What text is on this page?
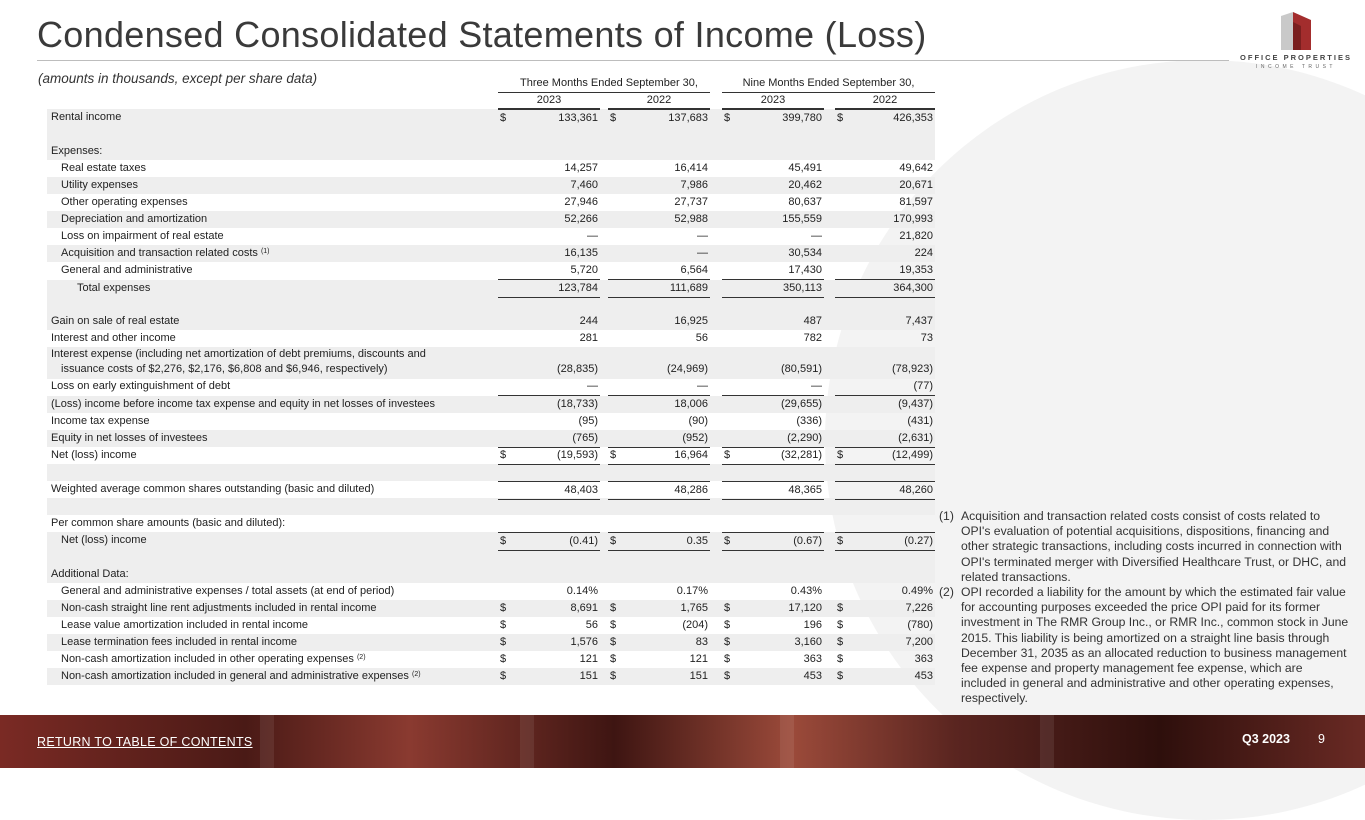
Condensed Consolidated Statements of Income (Loss)
OFFICE PROPERTIES
INCOME TRUST
(amounts in thousands, except per share data)	Three Months Ended September 30,	Nine Months Ended September 30,
2023	2022	2023	2022
Rental income	$	133,361 $	137,683 $	399,780 $	426,353
Expenses:
Real estate taxes	14,257	16,414	45,491	49,642
Utility expenses	7,460	7,986	20,462	20,671
Other operating expenses	27,946	27,737	80,637	81,597
Depreciation and amortization	52,266	52,988	155,559	170,993
Loss on impairment of real estate	—	—	—	21,820
Acquisition and transaction related costs $^{(1)}$	16,135	—	30,534	224
General and administrative	5,720	6,564	17,430	19,353
Total expenses	123,784	111,689	350,113	364,300
Gain on sale of real estate	244	16,925	487	7,437
Interest and other income	281	56	782	73
Interest expense (including net amortization of debt premiums, discounts and
issuance costs of $2,276, $2,176, $6,808 and $6,946, respectively)	(28,835)	(24,969)	(80,591)	(78,923)
Loss on early extinguishment of debt	—	—	—	(77)
(Loss) income before income tax expense and equity in net losses of investees	(18,733)	18,006	(29,655)	(9,437)
Income tax expense	(95)	(90)	(336)	(431)
Equity in net losses of investees	(765)	(952)	(2,290)	(2,631)
Net (loss) income	$	(19,593) $	16,964 $	(32,281) $	(12,499)
Weighted average common shares outstanding (basic and diluted)	48,403	48,286	48,365	48,260
Per common share amounts (basic and diluted):
Net (loss) income	$	(0.41) $	0.35 $	(0.67) $	(0.27)
Additional Data:
General and administrative expenses / total assets (at end of period)	0.14%	0.17%	0.43%	0.49%
Non-cash straight line rent adjustments included in rental income	$	8,691 $	1,765 $	17,120 $	7,226
Lease value amortization included in rental income	$	56 $	(204) $	196 $	(780)
Lease termination fees included in rental income	$	1,576 $	83 $	3,160 $	7,200
Non-cash amortization included in other operating expenses $^{(2)}$	$	121 $	121 $	363 $	363
Non-cash amortization included in general and administrative expenses $^{(2)}$	$	151 $	151 $	453 $	453
(1) Acquisition and transaction related costs consist of costs related to OPI's evaluation of potential acquisitions, dispositions, financing and other strategic transactions, including costs incurred in connection with OPI's terminated merger with Diversified Healthcare Trust, or DHC, and related transactions.
(2) OPI recorded a liability for the amount by which the estimated fair value for accounting purposes exceeded the price OPI paid for its former investment in The RMR Group Inc., or RMR Inc., common stock in June 2015. This liability is being amortized on a straight line basis through December 31, 2035 as an allocated reduction to business management fee expense and property management fee expense, which are included in general and administrative and other operating expenses, respectively.
RETURN TO TABLE OF CONTENTS	Q3 2023 9
